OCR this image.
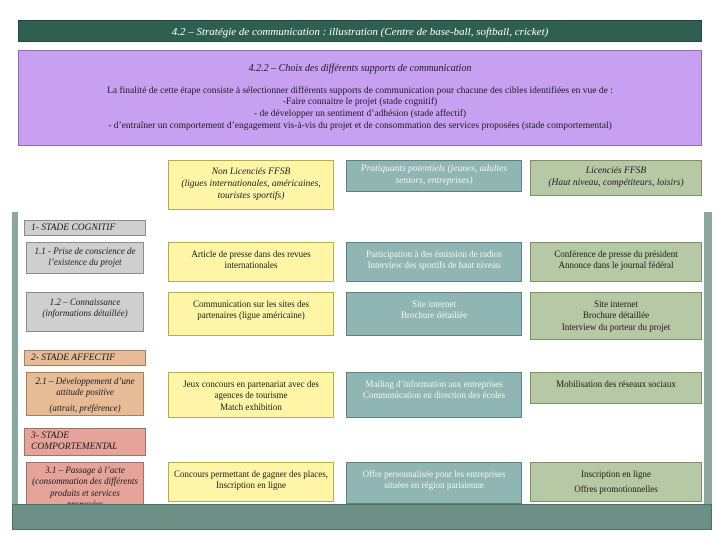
4.2 – Stratégie de communication : illustration (Centre de base-ball, softball, cricket)
4.2.2 – Choix des différents supports de communication
La finalité de cette étape consiste à sélectionner différents supports de communication pour chacune des cibles identifiées en vue de :
-Faire connaitre le projet (stade cognitif)
- de développer un sentiment d’adhésion (stade affectif)
- d’entraîner un comportement d’engagement vis-à-vis du projet et de consommation des services proposées (stade comportemental)
Non Licenciés FFSB
(ligues internationales, américaines, touristes sportifs)
Pratiquants potentiels (jeunes, adultes seniors, entreprises)
Licenciés FFSB
(Haut niveau, compétiteurs, loisirs)
1- STADE COGNITIF
1.1 - Prise de conscience de l’existence du projet
Article de presse dans des revues internationales
Participation à des émission de radios
Interview des sportifs de haut niveau
Conférence de presse du président
Annonce dans le journal fédéral
1.2 – Connaissance (informations détaillée)
Communication sur les sites des partenaires (ligue américaine)
Site internet
Brochure détaillée
Site internet
Brochure détaillée
Interview du porteur du projet
2- STADE AFFECTIF
2.1 – Développement d’une attitude positive
(attrait, préférence)
Jeux concours en partenariat avec des agences de tourisme
Match exhibition
Mailing d’information aux entreprises
Communication en direction des écoles
Mobilisation des réseaux sociaux
3- STADE COMPORTEMENTAL
3.1 – Passage à l’acte (consommation des différents produits et services
Concours permettant de gagner des places, Inscription en ligne
Offre personnalisée pour les entreprises situées en région parisienne
Inscription en ligne
Offres promotionnelles
